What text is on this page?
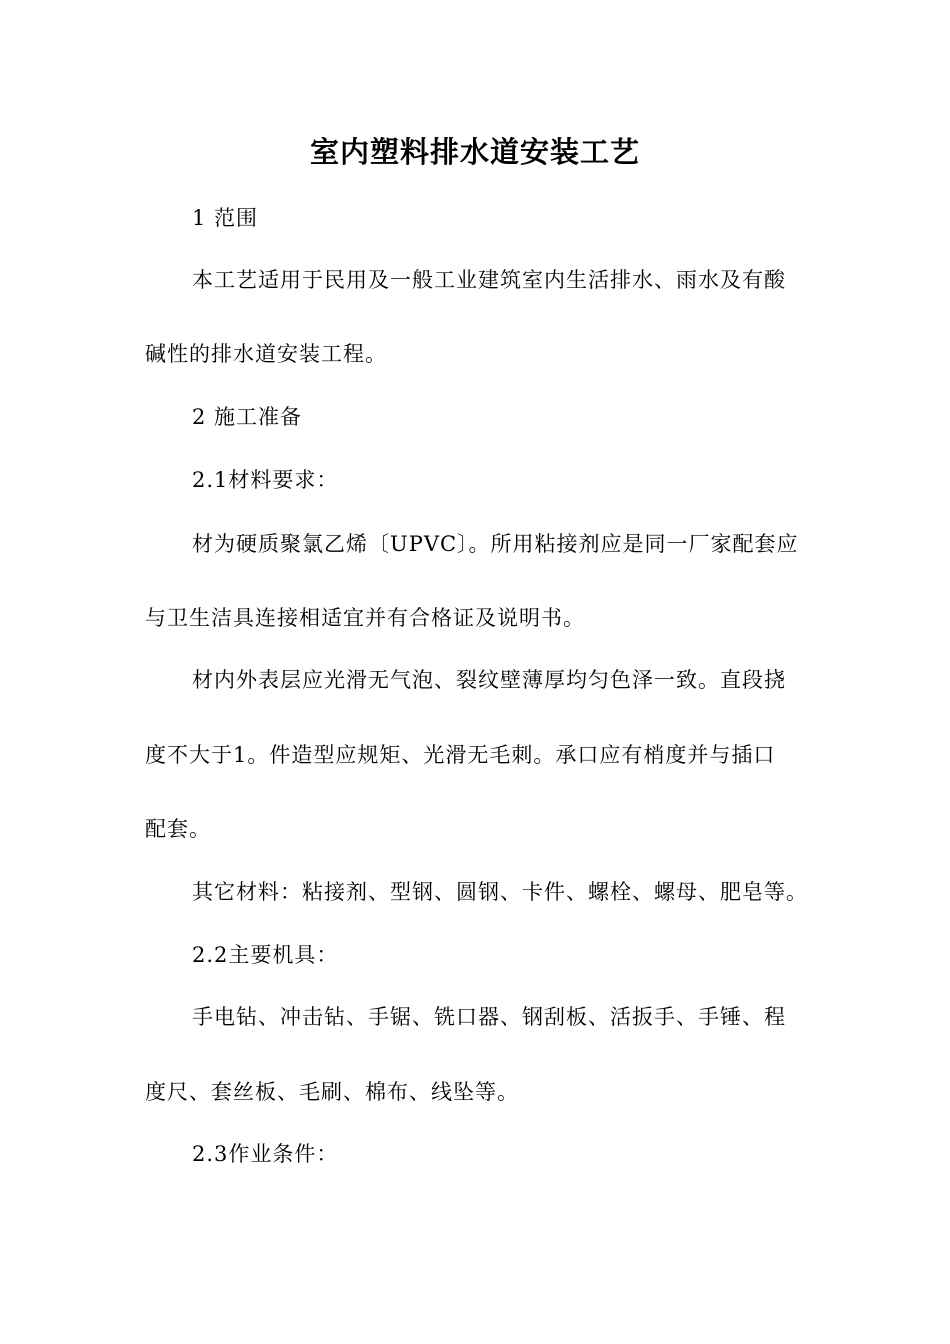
室内塑料排水道安装工艺
1 范围
本工艺适用于民用及一般工业建筑室内生活排水、雨水及有酸
碱性的排水道安装工程。
2 施工准备
2.1材料要求：
材为硬质聚氯乙烯〔UPVC〕。所用粘接剂应是同一厂家配套应
与卫生洁具连接相适宜并有合格证及说明书。
材内外表层应光滑无气泡、裂纹壁薄厚均匀色泽一致。直段挠
度不大于1。件造型应规矩、光滑无毛刺。承口应有梢度并与插口
配套。
其它材料：粘接剂、型钢、圆钢、卡件、螺栓、螺母、肥皂等。
2.2主要机具：
手电钻、冲击钻、手锯、铣口器、钢刮板、活扳手、手锤、程
度尺、套丝板、毛刷、棉布、线坠等。
2.3作业条件：
